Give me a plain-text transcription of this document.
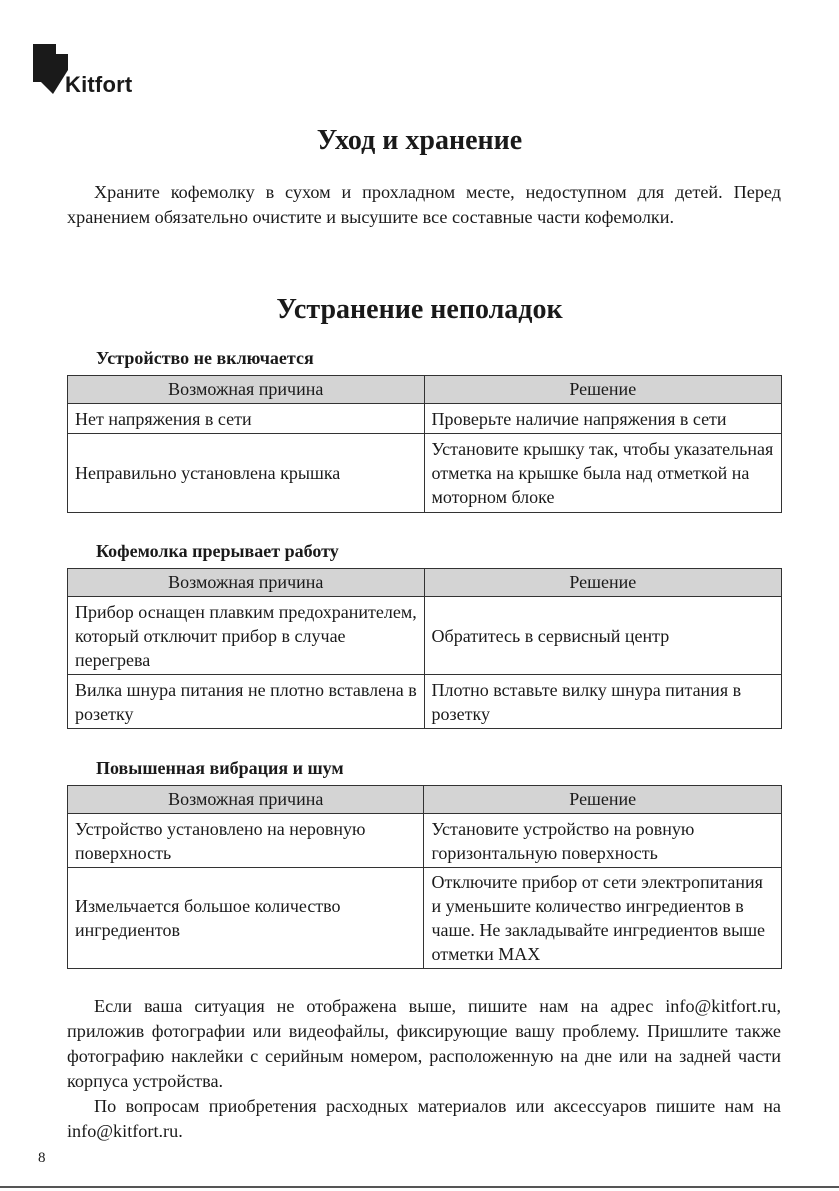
Kitfort
Уход и хранение

Храните кофемолку в сухом и прохладном месте, недоступном для детей. Перед хранением обязательно очистите и высушите все составные части кофемолки.

Устранение неполадок
Устройство не включается
Возможная причина	Решение
Нет напряжения в сети	Проверьте наличие напряжения в сети
Неправильно установлена крышка	Установите крышку так, чтобы указательная отметка на крышке была над отметкой на моторном блоке
Кофемолка прерывает работу
Возможная причина	Решение
Прибор оснащен плавким предохранителем, который отключит прибор в случае перегрева	Обратитесь в сервисный центр
Вилка шнура питания не плотно вставлена в розетку	Плотно вставьте вилку шнура питания в розетку
Повышенная вибрация и шум
Возможная причина	Решение
Устройство установлено на неровную поверхность	Установите устройство на ровную горизонтальную поверхность
Измельчается большое количество ингредиентов	Отключите прибор от сети электропитания и уменьшите количество ингредиентов в чаше. Не закладывайте ингредиентов выше отметки MAX

Если ваша ситуация не отображена выше, пишите нам на адрес info@kitfort.ru, приложив фотографии или видеофайлы, фиксирующие вашу проблему. Пришлите также фотографию наклейки с серийным номером, расположенную на дне или на задней части корпуса устройства.

По вопросам приобретения расходных материалов или аксессуаров пишите нам на info@kitfort.ru.

8
